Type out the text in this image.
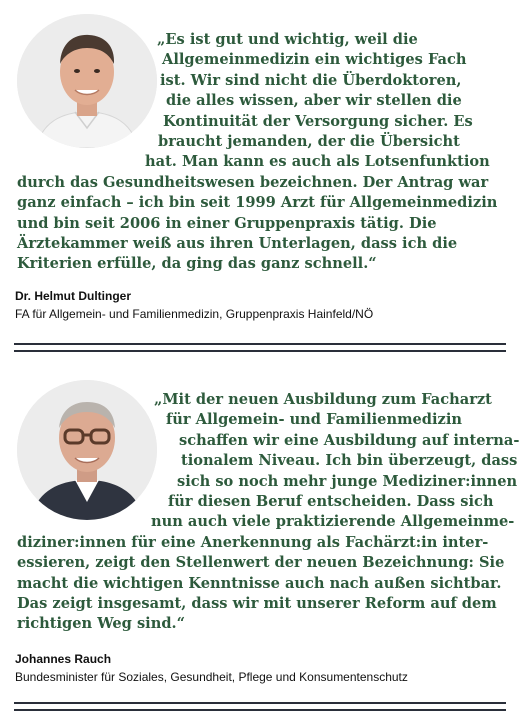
„Es ist gut und wichtig, weil die
Allgemeinmedizin ein wichtiges Fach
ist. Wir sind nicht die Überdoktoren,
die alles wissen, aber wir stellen die
Kontinuität der Versorgung sicher. Es
braucht jemanden, der die Übersicht
hat. Man kann es auch als Lotsenfunktion
durch das Gesundheitswesen bezeichnen. Der Antrag war
ganz einfach – ich bin seit 1999 Arzt für Allgemeinmedizin
und bin seit 2006 in einer Gruppenpraxis tätig. Die
Ärztekammer weiß aus ihren Unterlagen, dass ich die
Kriterien erfülle, da ging das ganz schnell.“

Dr. Helmut Dultinger

FA für Allgemein- und Familienmedizin, Gruppenpraxis Hainfeld/NÖ

„Mit der neuen Ausbildung zum Facharzt
für Allgemein- und Familienmedizin
schaffen wir eine Ausbildung auf interna-
tionalem Niveau. Ich bin überzeugt, dass
sich so noch mehr junge Mediziner:innen
für diesen Beruf entscheiden. Dass sich
nun auch viele praktizierende Allgemeinme-
diziner:innen für eine Anerkennung als Fachärzt:in inter-
essieren, zeigt den Stellenwert der neuen Bezeichnung: Sie
macht die wichtigen Kenntnisse auch nach außen sichtbar.
Das zeigt insgesamt, dass wir mit unserer Reform auf dem
richtigen Weg sind.“

Johannes Rauch

Bundesminister für Soziales, Gesundheit, Pflege und Konsumentenschutz
